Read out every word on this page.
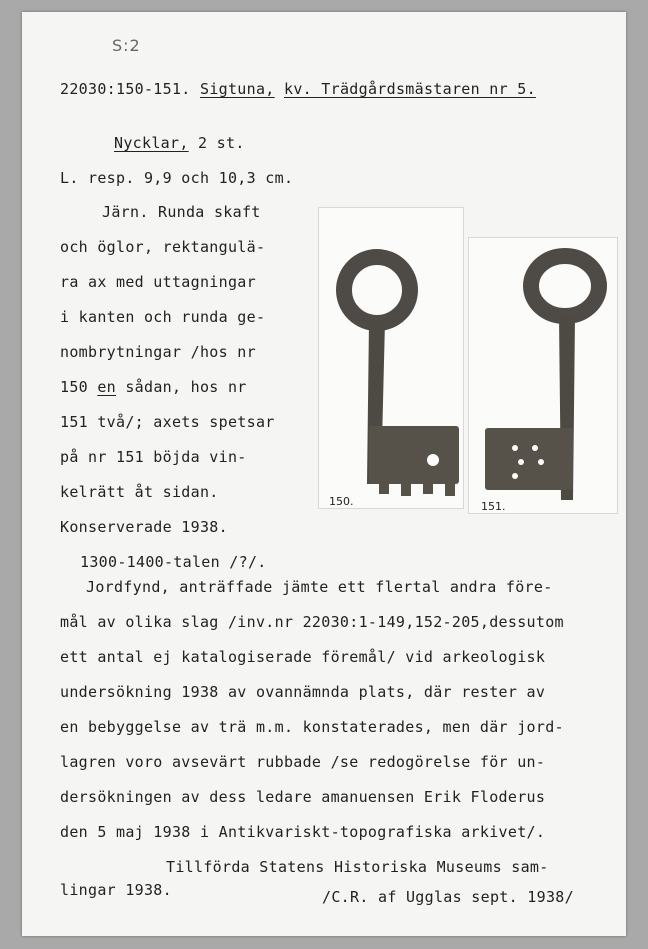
S:2
22030:150-151. Sigtuna, kv. Trädgårdsmästaren nr 5.
Nycklar, 2 st.
L. resp. 9,9 och 10,3 cm.
Järn. Runda skaft
och öglor, rektangulä-
ra ax med uttagningar
i kanten och runda ge-
nombrytningar /hos nr
150 en sådan, hos nr
151 två/; axets spetsar
på nr 151 böjda vin-
kelrätt åt sidan.
Konserverade 1938.
1300-1400-talen /?/.
150.	151.
Jordfynd, anträffade jämte ett flertal andra före-
mål av olika slag /inv.nr 22030:1-149,152-205,dessutom
ett antal ej katalogiserade föremål/ vid arkeologisk
undersökning 1938 av ovannämnda plats, där rester av
en bebyggelse av trä m.m. konstaterades, men där jord-
lagren voro avsevärt rubbade /se redogörelse för un-
dersökningen av dess ledare amanuensen Erik Floderus
den 5 maj 1938 i Antikvariskt-topografiska arkivet/.
Tillförda Statens Historiska Museums sam-
lingar 1938.	/C.R. af Ugglas sept. 1938/
